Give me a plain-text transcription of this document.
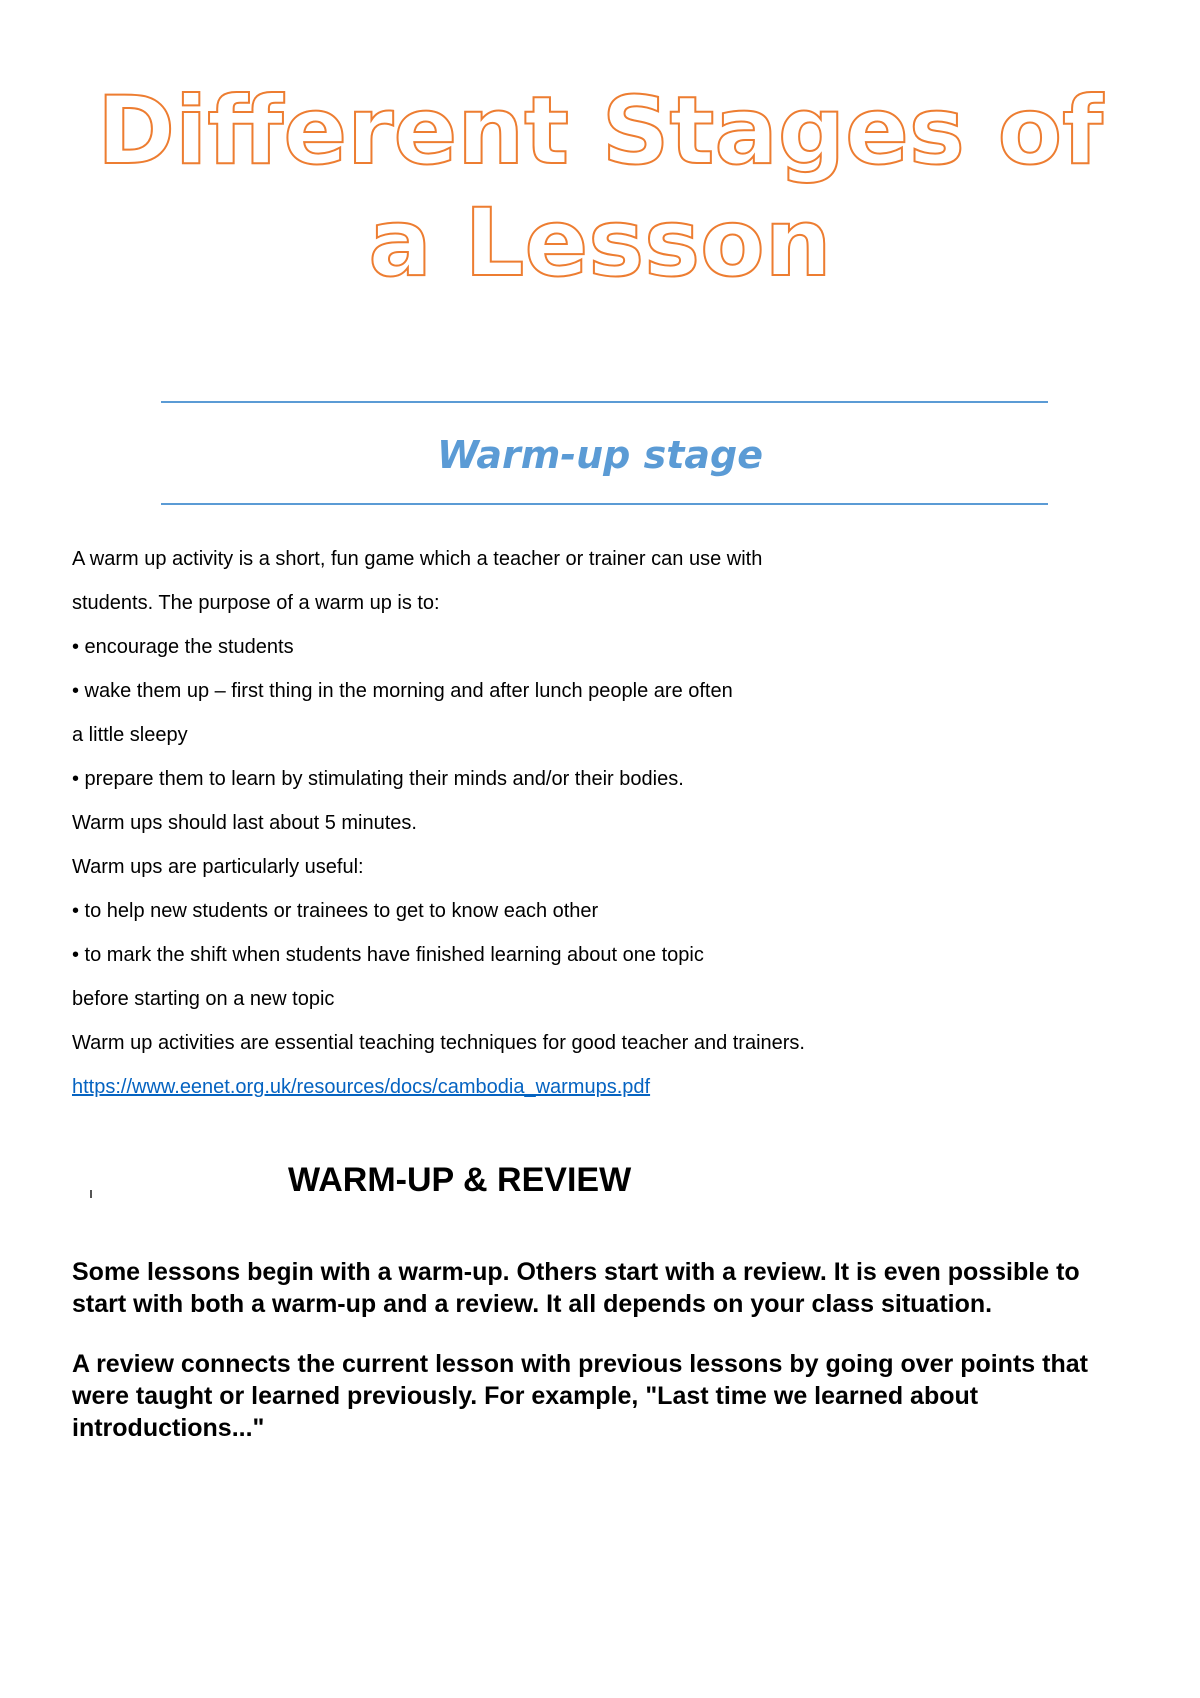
Different Stages of
a Lesson
Warm-up stage
A warm up activity is a short, fun game which a teacher or trainer can use with
students. The purpose of a warm up is to:
• encourage the students
• wake them up – first thing in the morning and after lunch people are often
a little sleepy
• prepare them to learn by stimulating their minds and/or their bodies.
Warm ups should last about 5 minutes.
Warm ups are particularly useful:
• to help new students or trainees to get to know each other
• to mark the shift when students have finished learning about one topic
before starting on a new topic
Warm up activities are essential teaching techniques for good teacher and trainers.
https://www.eenet.org.uk/resources/docs/cambodia_warmups.pdf
WARM-UP & REVIEW

Some lessons begin with a warm-up. Others start with a review. It is even possible to start with both a warm-up and a review. It all depends on your class situation.

A review connects the current lesson with previous lessons by going over points that were taught or learned previously. For example, "Last time we learned about introductions..."
